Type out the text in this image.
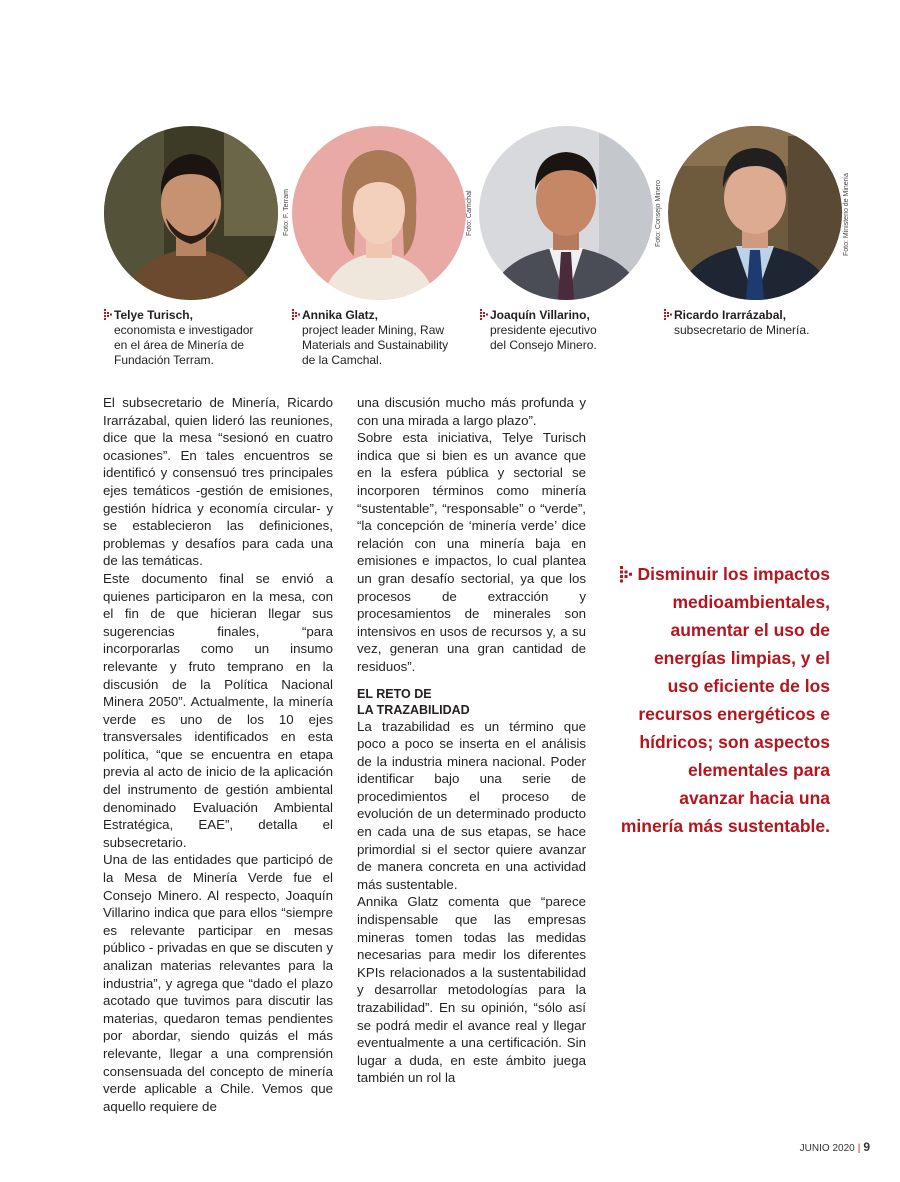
Foto: F. Terram	Foto: Camchal	Foto: Consejo Minero	Foto: Ministerio de Minería
Telye Turisch,
economista e investigador
en el área de Minería de
Fundación Terram.
Annika Glatz,
project leader Mining, Raw
Materials and Sustainability
de la Camchal.
Joaquín Villarino,
presidente ejecutivo
del Consejo Minero.
Ricardo Irarrázabal,
subsecretario de Minería.

El subsecretario de Minería, Ricardo Irarrázabal, quien lideró las reuniones, dice que la mesa “sesionó en cuatro ocasiones”. En tales encuentros se identificó y consensuó tres principales ejes temáticos -gestión de emisiones, gestión hídrica y economía circular- y se establecieron las definiciones, problemas y desafíos para cada una de las temáticas.

Este documento final se envió a quienes participaron en la mesa, con el fin de que hicieran llegar sus sugerencias finales, “para incorporarlas como un insumo relevante y fruto temprano en la discusión de la Política Nacional Minera 2050”. Actualmente, la minería verde es uno de los 10 ejes transversales identificados en esta política, “que se encuentra en etapa previa al acto de inicio de la aplicación del instrumento de gestión ambiental denominado Evaluación Ambiental Estratégica, EAE”, detalla el subsecretario.

Una de las entidades que participó de la Mesa de Minería Verde fue el Consejo Minero. Al respecto, Joaquín Villarino indica que para ellos “siempre es relevante participar en mesas público - privadas en que se discuten y analizan materias relevantes para la industria”, y agrega que “dado el plazo acotado que tuvimos para discutir las materias, quedaron temas pendientes por abordar, siendo quizás el más relevante, llegar a una comprensión consensuada del concepto de minería verde aplicable a Chile. Vemos que aquello requiere de

una discusión mucho más profunda y con una mirada a largo plazo”.

Sobre esta iniciativa, Telye Turisch indica que si bien es un avance que en la esfera pública y sectorial se incorporen términos como minería “sustentable”, “responsable” o “verde”, “la concepción de ‘minería verde’ dice relación con una minería baja en emisiones e impactos, lo cual plantea un gran desafío sectorial, ya que los procesos de extracción y procesamientos de minerales son intensivos en usos de recursos y, a su vez, generan una gran cantidad de residuos”.

EL RETO DE
LA TRAZABILIDAD

La trazabilidad es un término que poco a poco se inserta en el análisis de la industria minera nacional. Poder identificar bajo una serie de procedimientos el proceso de evolución de un determinado producto en cada una de sus etapas, se hace primordial si el sector quiere avanzar de manera concreta en una actividad más sustentable.

Annika Glatz comenta que “parece indispensable que las empresas mineras tomen todas las medidas necesarias para medir los diferentes KPIs relacionados a la sustentabilidad y desarrollar metodologías para la trazabilidad”. En su opinión, “sólo así se podrá medir el avance real y llegar eventualmente a una certificación. Sin lugar a duda, en este ámbito juega también un rol la

Disminuir los impactos medioambientales, aumentar el uso de energías limpias, y el uso eficiente de los recursos energéticos e hídricos; son aspectos elementales para avanzar hacia una minería más sustentable.
JUNIO 2020 | 9
